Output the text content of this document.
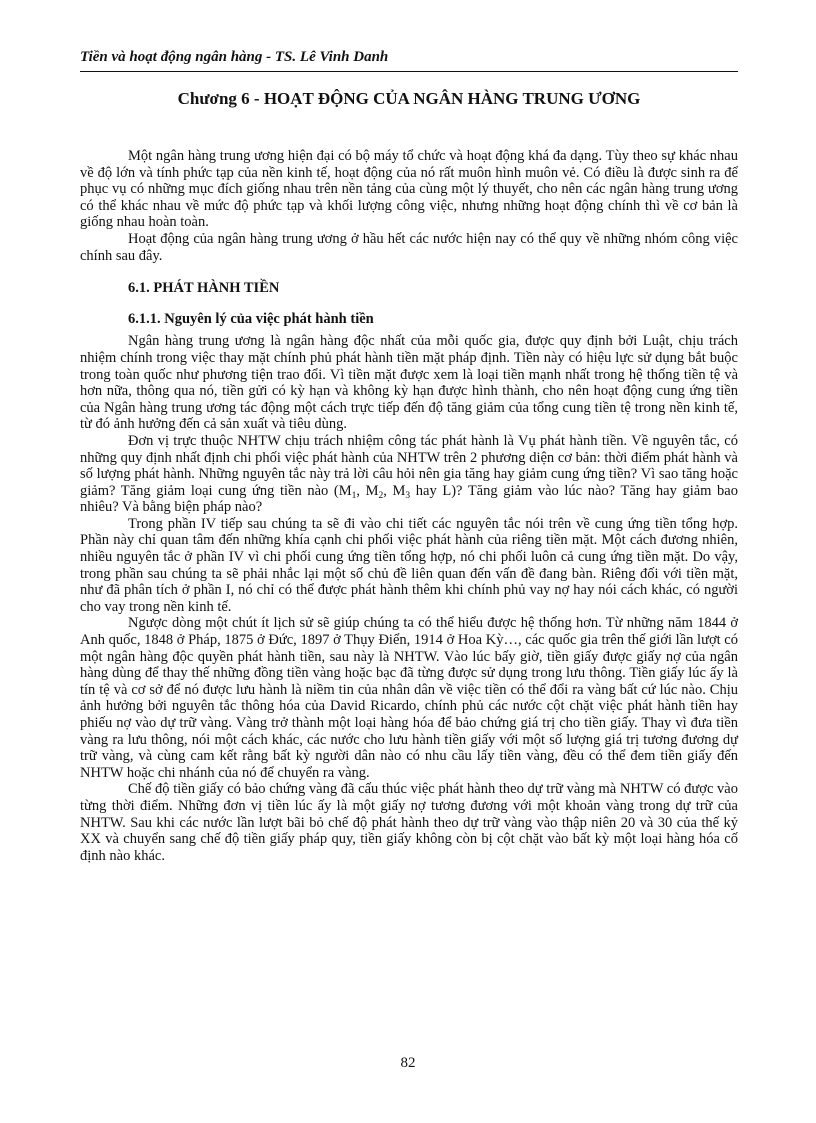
Tiền và hoạt động ngân hàng - TS. Lê Vinh Danh
Chương 6 - HOẠT ĐỘNG CỦA NGÂN HÀNG TRUNG ƯƠNG

Một ngân hàng trung ương hiện đại có bộ máy tổ chức và hoạt động khá đa dạng. Tùy theo sự khác nhau về độ lớn và tính phức tạp của nền kinh tế, hoạt động của nó rất muôn hình muôn vẻ. Có điều là được sinh ra để phục vụ có những mục đích giống nhau trên nền tảng của cùng một lý thuyết, cho nên các ngân hàng trung ương có thể khác nhau về mức độ phức tạp và khối lượng công việc, nhưng những hoạt động chính thì về cơ bản là giống nhau hoàn toàn.

Hoạt động của ngân hàng trung ương ở hầu hết các nước hiện nay có thể quy về những nhóm công việc chính sau đây.

6.1. PHÁT HÀNH TIỀN
6.1.1. Nguyên lý của việc phát hành tiền

Ngân hàng trung ương là ngân hàng độc nhất của mỗi quốc gia, được quy định bởi Luật, chịu trách nhiệm chính trong việc thay mặt chính phủ phát hành tiền mặt pháp định. Tiền này có hiệu lực sử dụng bắt buộc trong toàn quốc như phương tiện trao đổi. Vì tiền mặt được xem là loại tiền mạnh nhất trong hệ thống tiền tệ và hơn nữa, thông qua nó, tiền gửi có kỳ hạn và không kỳ hạn được hình thành, cho nên hoạt động cung ứng tiền của Ngân hàng trung ương tác động một cách trực tiếp đến độ tăng giảm của tổng cung tiền tệ trong nền kinh tế, từ đó ảnh hưởng đến cả sản xuất và tiêu dùng.

Đơn vị trực thuộc NHTW chịu trách nhiệm công tác phát hành là Vụ phát hành tiền. Về nguyên tắc, có những quy định nhất định chi phối việc phát hành của NHTW trên 2 phương diện cơ bản: thời điểm phát hành và số lượng phát hành. Những nguyên tắc này trả lời câu hỏi nên gia tăng hay giảm cung ứng tiền? Vì sao tăng hoặc giảm? Tăng giảm loại cung ứng tiền nào ($M_1$, $M_2$, $M_3$ hay L)? Tăng giảm vào lúc nào? Tăng hay giảm bao nhiêu? Và bằng biện pháp nào?

Trong phần IV tiếp sau chúng ta sẽ đi vào chi tiết các nguyên tắc nói trên về cung ứng tiền tổng hợp. Phần này chỉ quan tâm đến những khía cạnh chi phối việc phát hành của riêng tiền mặt. Một cách đương nhiên, nhiều nguyên tắc ở phần IV vì chi phối cung ứng tiền tổng hợp, nó chi phối luôn cả cung ứng tiền mặt. Do vậy, trong phần sau chúng ta sẽ phải nhắc lại một số chủ đề liên quan đến vấn đề đang bàn. Riêng đối với tiền mặt, như đã phân tích ở phần I, nó chỉ có thể được phát hành thêm khi chính phủ vay nợ hay nói cách khác, có người cho vay trong nền kinh tế.

Ngược dòng một chút ít lịch sử sẽ giúp chúng ta có thể hiểu được hệ thống hơn. Từ những năm 1844 ở Anh quốc, 1848 ở Pháp, 1875 ở Đức, 1897 ở Thụy Điển, 1914 ở Hoa Kỳ…, các quốc gia trên thế giới lần lượt có một ngân hàng độc quyền phát hành tiền, sau này là NHTW. Vào lúc bấy giờ, tiền giấy được giấy nợ của ngân hàng dùng để thay thế những đồng tiền vàng hoặc bạc đã từng được sử dụng trong lưu thông. Tiền giấy lúc ấy là tín tệ và cơ sở để nó được lưu hành là niềm tin của nhân dân về việc tiền có thể đổi ra vàng bất cứ lúc nào. Chịu ảnh hưởng bởi nguyên tắc thông hóa của David Ricardo, chính phủ các nước cột chặt việc phát hành tiền hay phiếu nợ vào dự trữ vàng. Vàng trở thành một loại hàng hóa để bảo chứng giá trị cho tiền giấy. Thay vì đưa tiền vàng ra lưu thông, nói một cách khác, các nước cho lưu hành tiền giấy với một số lượng giá trị tương đương dự trữ vàng, và cùng cam kết rằng bất kỳ người dân nào có nhu cầu lấy tiền vàng, đều có thể đem tiền giấy đến NHTW hoặc chi nhánh của nó để chuyển ra vàng.

Chế độ tiền giấy có bảo chứng vàng đã cấu thúc việc phát hành theo dự trữ vàng mà NHTW có được vào từng thời điểm. Những đơn vị tiền lúc ấy là một giấy nợ tương đương với một khoản vàng trong dự trữ của NHTW. Sau khi các nước lần lượt bãi bỏ chế độ phát hành theo dự trữ vàng vào thập niên 20 và 30 của thế kỷ XX và chuyển sang chế độ tiền giấy pháp quy, tiền giấy không còn bị cột chặt vào bất kỳ một loại hàng hóa cố định nào khác.

82
